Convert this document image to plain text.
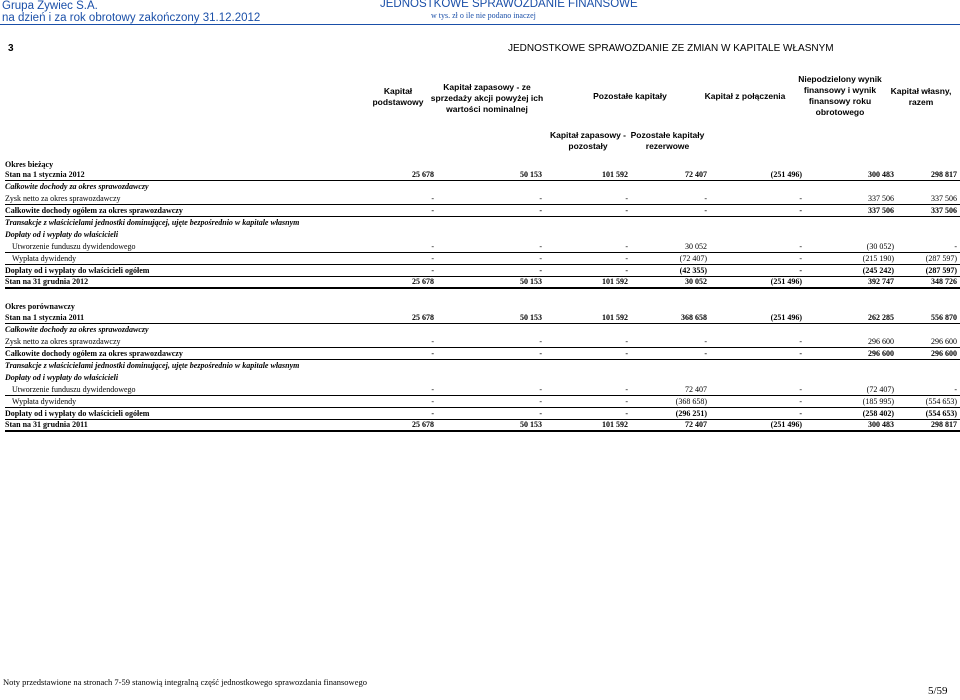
Grupa Żywiec S.A.
na dzień i za rok obrotowy zakończony 31.12.2012
JEDNOSTKOWE SPRAWOZDANIE FINANSOWE
w tys. zł o ile nie podano inaczej
3	JEDNOSTKOWE SPRAWOZDANIE ZE ZMIAN W KAPITALE WŁASNYM
Kapitał podstawowy
Kapitał zapasowy - ze sprzedaży akcji powyżej ich wartości nominalnej
Pozostałe kapitały	Kapitał z połączenia
Niepodzielony wynik finansowy i wynik finansowy roku obrotowego
Kapitał własny, razem
Kapitał zapasowy - pozostały
Pozostałe kapitały rezerwowe
Okres bieżący
Stan na 1 stycznia 2012	25 678	50 153	101 592	72 407	(251 496)	300 483	298 817
Całkowite dochody za okres sprawozdawczy
Zysk netto za okres sprawozdawczy	-	-	-	-	-	337 506	337 506
Całkowite dochody ogółem za okres sprawozdawczy	-	-	-	-	-	337 506	337 506
Transakcje z właścicielami jednostki dominującej, ujęte bezpośrednio w kapitale własnym
Dopłaty od i wypłaty do właścicieli
Utworzenie funduszu dywidendowego	-	-	-	30 052	-	(30 052)	-
Wypłata dywidendy	-	-	-	(72 407)	-	(215 190)	(287 597)
Dopłaty od i wypłaty do właścicieli ogółem	-	-	-	(42 355)	-	(245 242)	(287 597)
Stan na 31 grudnia 2012	25 678	50 153	101 592	30 052	(251 496)	392 747	348 726
Okres porównawczy
Stan na 1 stycznia 2011	25 678	50 153	101 592	368 658	(251 496)	262 285	556 870
Całkowite dochody za okres sprawozdawczy
Zysk netto za okres sprawozdawczy	-	-	-	-	-	296 600	296 600
Całkowite dochody ogółem za okres sprawozdawczy	-	-	-	-	-	296 600	296 600
Transakcje z właścicielami jednostki dominującej, ujęte bezpośrednio w kapitale własnym
Dopłaty od i wypłaty do właścicieli
Utworzenie funduszu dywidendowego	-	-	-	72 407	-	(72 407)	-
Wypłata dywidendy	-	-	-	(368 658)	-	(185 995)	(554 653)
Dopłaty od i wypłaty do właścicieli ogółem	-	-	-	(296 251)	-	(258 402)	(554 653)
Stan na 31 grudnia 2011	25 678	50 153	101 592	72 407	(251 496)	300 483	298 817
Noty przedstawione na stronach 7-59 stanowią integralną część jednostkowego sprawozdania finansowego
5/59
